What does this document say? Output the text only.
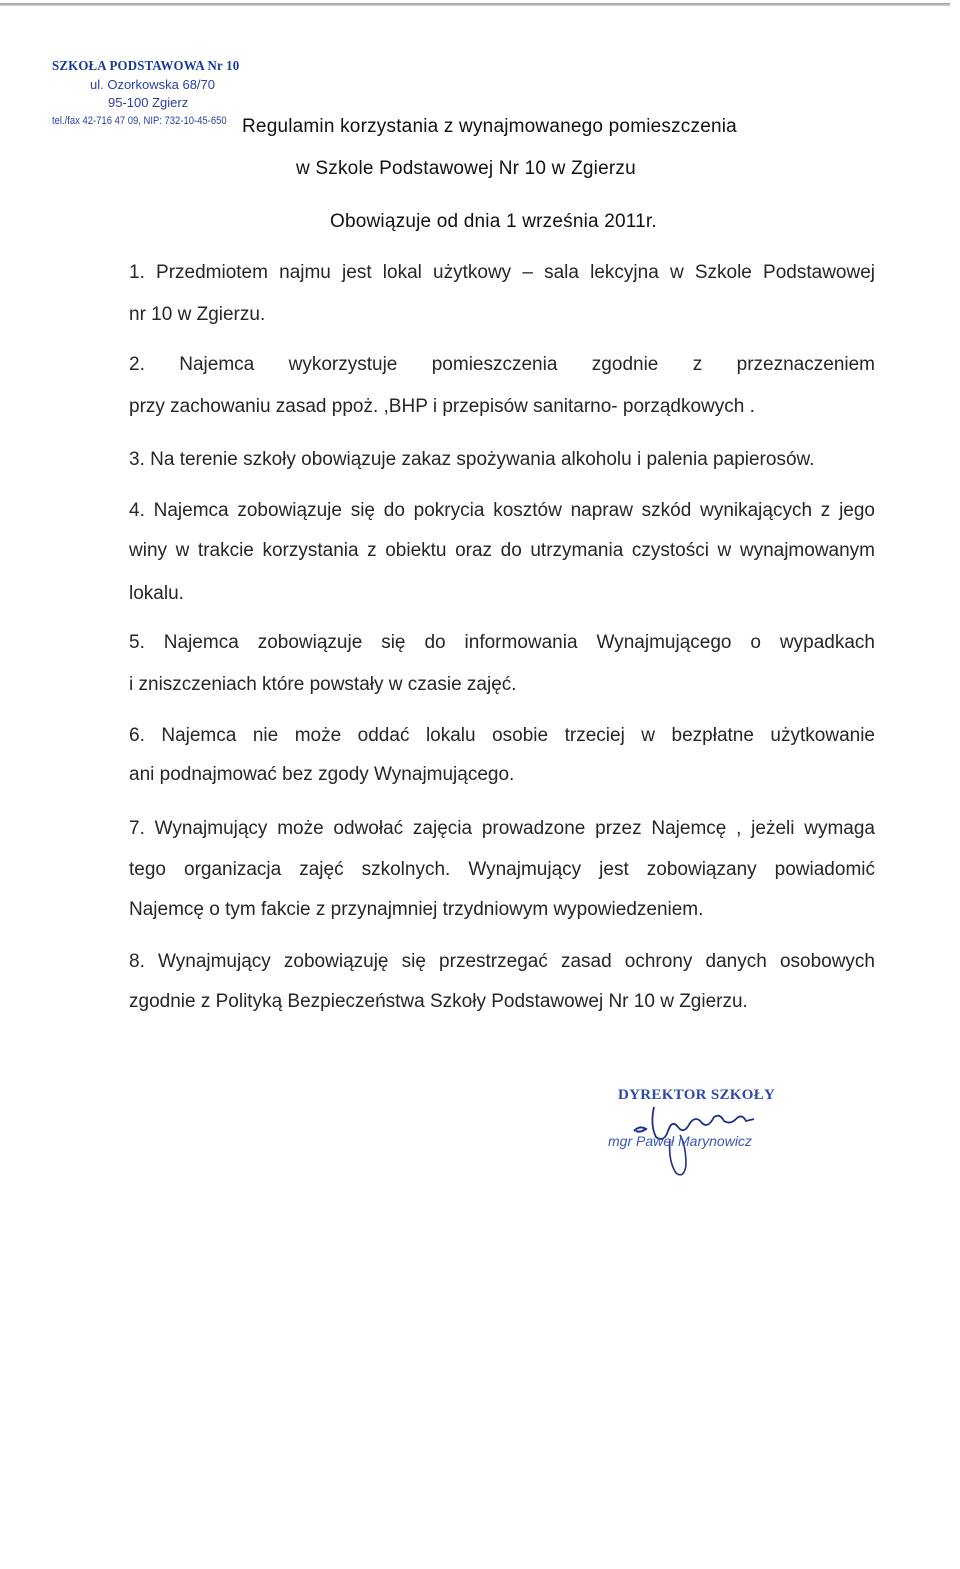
SZKOŁA PODSTAWOWA Nr 10
ul. Ozorkowska 68/70
95-100 Zgierz
tel./fax 42-716 47 09, NIP: 732-10-45-650 Regulamin korzystania z wynajmowanego pomieszczenia
w Szkole Podstawowej Nr 10 w Zgierzu
Obowiązuje od dnia 1 września 2011r.
1. Przedmiotem najmu jest lokal użytkowy – sala lekcyjna w Szkole Podstawowej
nr 10 w Zgierzu.
2. Najemca wykorzystuje pomieszczenia zgodnie z przeznaczeniem
przy zachowaniu zasad ppoż. ,BHP i przepisów sanitarno- porządkowych .
3. Na terenie szkoły obowiązuje zakaz spożywania alkoholu i palenia papierosów.
4. Najemca zobowiązuje się do pokrycia kosztów napraw szkód wynikających z jego
winy w trakcie korzystania z obiektu oraz do utrzymania czystości w wynajmowanym
lokalu.
5. Najemca zobowiązuje się do informowania Wynajmującego o wypadkach
i zniszczeniach które powstały w czasie zajęć.
6. Najemca nie może oddać lokalu osobie trzeciej w bezpłatne użytkowanie
ani podnajmować bez zgody Wynajmującego.
7. Wynajmujący może odwołać zajęcia prowadzone przez Najemcę , jeżeli wymaga
tego organizacja zajęć szkolnych. Wynajmujący jest zobowiązany powiadomić
Najemcę o tym fakcie z przynajmniej trzydniowym wypowiedzeniem.
8. Wynajmujący zobowiązuję się przestrzegać zasad ochrony danych osobowych
zgodnie z Polityką Bezpieczeństwa Szkoły Podstawowej Nr 10 w Zgierzu.
DYREKTOR SZKOŁY
mgr Paweł Marynowicz
